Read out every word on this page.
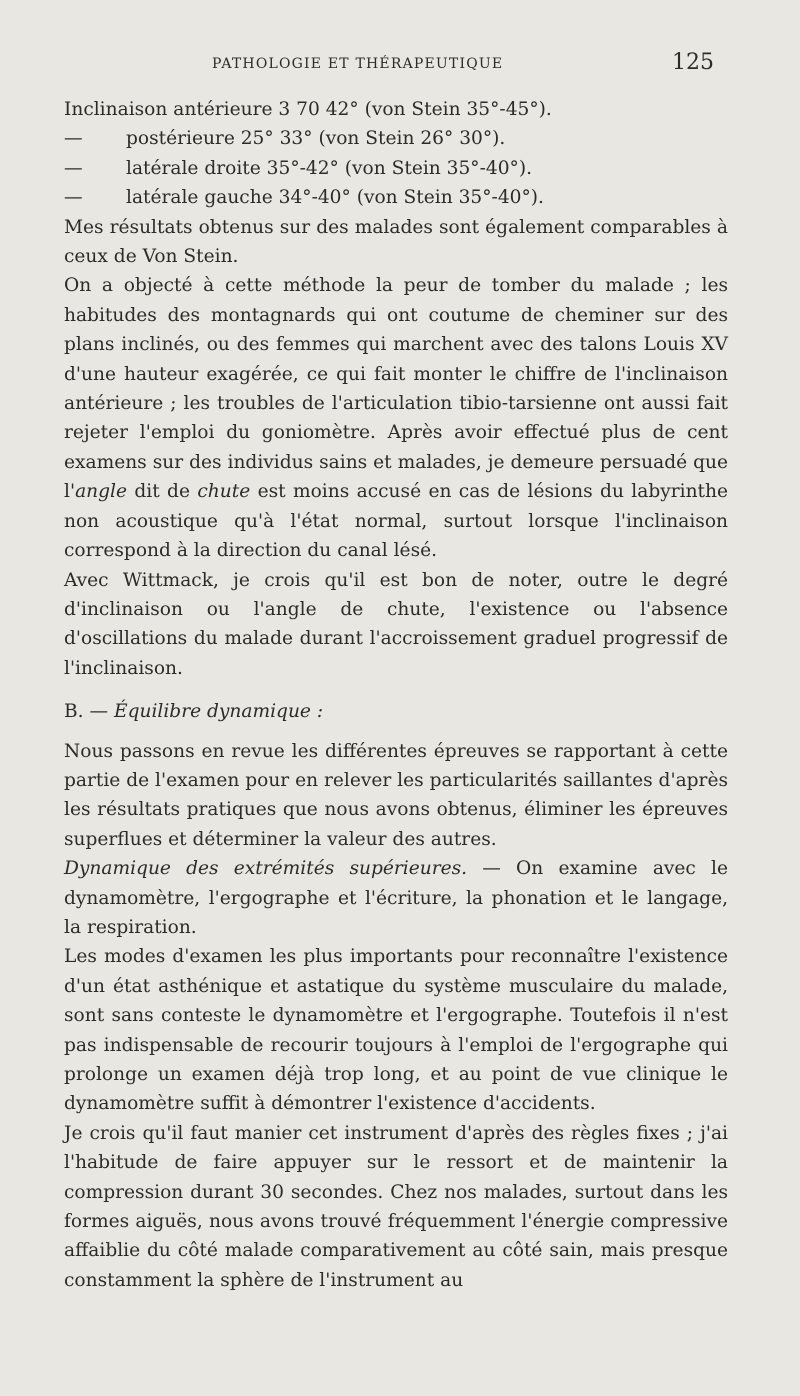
PATHOLOGIE ET THÉRAPEUTIQUE	125

Inclinaison antérieure 3 70 42° (von Stein 35°-45°).

— postérieure 25° 33° (von Stein 26° 30°).

— latérale droite 35°-42° (von Stein 35°-40°).

— latérale gauche 34°-40° (von Stein 35°-40°).

Mes résultats obtenus sur des malades sont également comparables à ceux de Von Stein.

On a objecté à cette méthode la peur de tomber du malade ; les habitudes des montagnards qui ont coutume de cheminer sur des plans inclinés, ou des femmes qui marchent avec des talons Louis XV d'une hauteur exagérée, ce qui fait monter le chiffre de l'inclinaison antérieure ; les troubles de l'articulation tibio-tarsienne ont aussi fait rejeter l'emploi du goniomètre. Après avoir effectué plus de cent examens sur des individus sains et malades, je demeure persuadé que l'angle dit de chute est moins accusé en cas de lésions du labyrinthe non acoustique qu'à l'état normal, surtout lorsque l'inclinaison correspond à la direction du canal lésé.

Avec Wittmack, je crois qu'il est bon de noter, outre le degré d'inclinaison ou l'angle de chute, l'existence ou l'absence d'oscillations du malade durant l'accroissement graduel progressif de l'inclinaison.

B. — Équilibre dynamique :

Nous passons en revue les différentes épreuves se rapportant à cette partie de l'examen pour en relever les particularités saillantes d'après les résultats pratiques que nous avons obtenus, éliminer les épreuves superflues et déterminer la valeur des autres.

Dynamique des extrémités supérieures. — On examine avec le dynamomètre, l'ergographe et l'écriture, la phonation et le langage, la respiration.

Les modes d'examen les plus importants pour reconnaître l'existence d'un état asthénique et astatique du système musculaire du malade, sont sans conteste le dynamomètre et l'ergographe. Toutefois il n'est pas indispensable de recourir toujours à l'emploi de l'ergographe qui prolonge un examen déjà trop long, et au point de vue clinique le dynamomètre suffit à démontrer l'existence d'accidents.

Je crois qu'il faut manier cet instrument d'après des règles fixes ; j'ai l'habitude de faire appuyer sur le ressort et de maintenir la compression durant 30 secondes. Chez nos malades, surtout dans les formes aiguës, nous avons trouvé fréquemment l'énergie compressive affaiblie du côté malade comparativement au côté sain, mais presque constamment la sphère de l'instrument au
